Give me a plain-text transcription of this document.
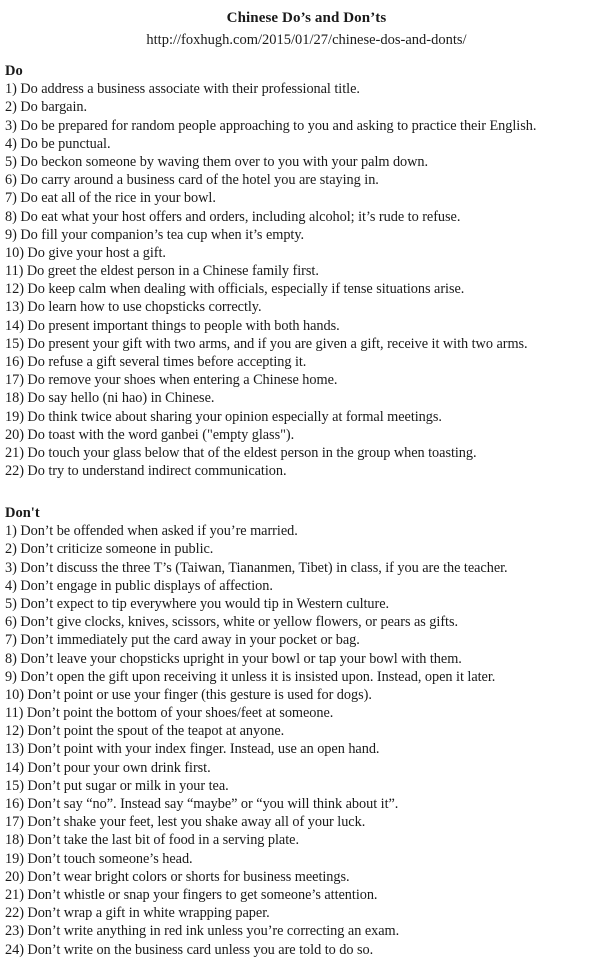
Chinese Do’s and Don’ts
http://foxhugh.com/2015/01/27/chinese-dos-and-donts/
Do
1) Do address a business associate with their professional title.
2) Do bargain.
3) Do be prepared for random people approaching to you and asking to practice their English.
4) Do be punctual.
5) Do beckon someone by waving them over to you with your palm down.
6) Do carry around a business card of the hotel you are staying in.
7) Do eat all of the rice in your bowl.
8) Do eat what your host offers and orders, including alcohol; it’s rude to refuse.
9) Do fill your companion’s tea cup when it’s empty.
10) Do give your host a gift.
11) Do greet the eldest person in a Chinese family first.
12) Do keep calm when dealing with officials, especially if tense situations arise.
13) Do learn how to use chopsticks correctly.
14) Do present important things to people with both hands.
15) Do present your gift with two arms, and if you are given a gift, receive it with two arms.
16) Do refuse a gift several times before accepting it.
17) Do remove your shoes when entering a Chinese home.
18) Do say hello (ni hao) in Chinese.
19) Do think twice about sharing your opinion especially at formal meetings.
20) Do toast with the word ganbei ("empty glass").
21) Do touch your glass below that of the eldest person in the group when toasting.
22) Do try to understand indirect communication.
Don't
1) Don’t be offended when asked if you’re married.
2) Don’t criticize someone in public.
3) Don’t discuss the three T’s (Taiwan, Tiananmen, Tibet) in class, if you are the teacher.
4) Don’t engage in public displays of affection.
5) Don’t expect to tip everywhere you would tip in Western culture.
6) Don’t give clocks, knives, scissors, white or yellow flowers, or pears as gifts.
7) Don’t immediately put the card away in your pocket or bag.
8) Don’t leave your chopsticks upright in your bowl or tap your bowl with them.
9) Don’t open the gift upon receiving it unless it is insisted upon. Instead, open it later.
10) Don’t point or use your finger (this gesture is used for dogs).
11) Don’t point the bottom of your shoes/feet at someone.
12) Don’t point the spout of the teapot at anyone.
13) Don’t point with your index finger. Instead, use an open hand.
14) Don’t pour your own drink first.
15) Don’t put sugar or milk in your tea.
16) Don’t say “no”. Instead say “maybe” or “you will think about it”.
17) Don’t shake your feet, lest you shake away all of your luck.
18) Don’t take the last bit of food in a serving plate.
19) Don’t touch someone’s head.
20) Don’t wear bright colors or shorts for business meetings.
21) Don’t whistle or snap your fingers to get someone’s attention.
22) Don’t wrap a gift in white wrapping paper.
23) Don’t write anything in red ink unless you’re correcting an exam.
24) Don’t write on the business card unless you are told to do so.
